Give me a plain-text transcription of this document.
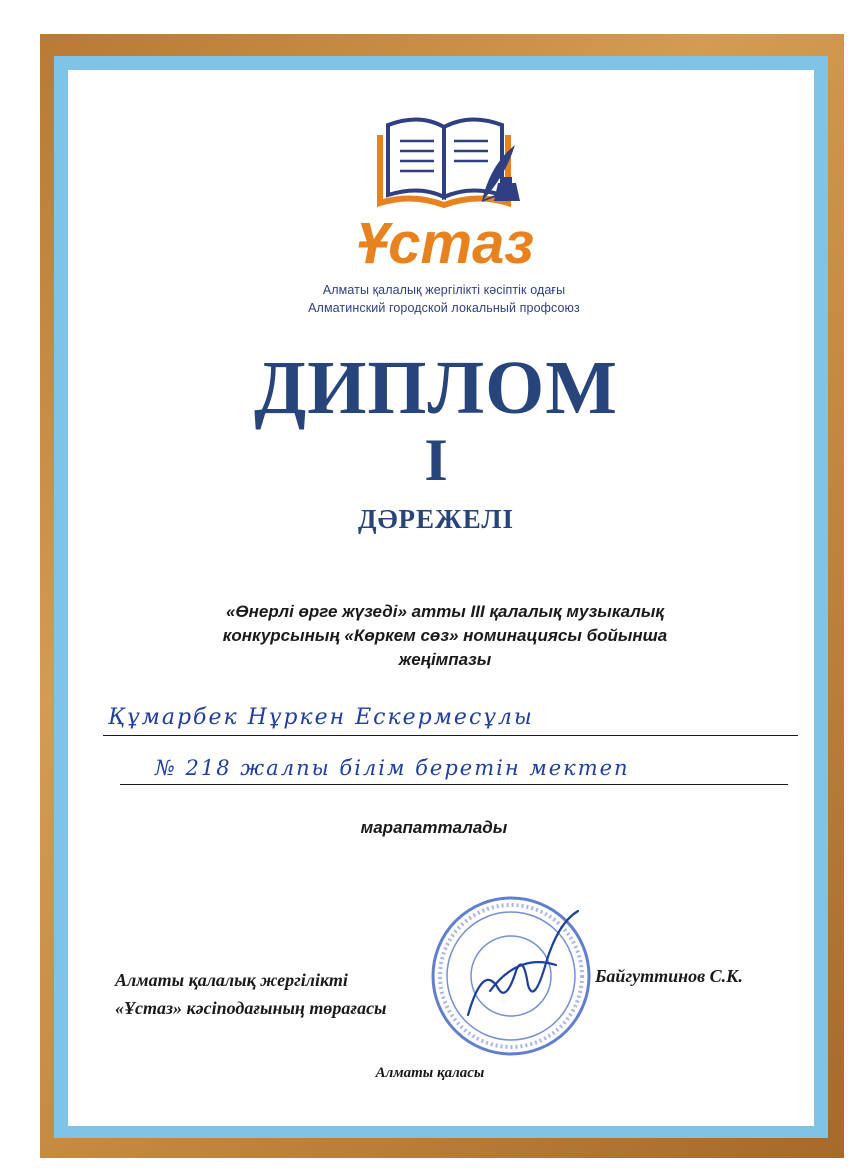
Ұстаз
Алматы қалалық жергілікті кәсіптік одағы
Алматинский городской локальный профсоюз
ДИПЛОМ
I
ДӘРЕЖЕЛІ
«Өнерлі өрге жүзеді» атты III қалалық музыкалық
конкурсының «Көркем сөз» номинациясы бойынша
жеңімпазы
Құмарбек Нұркен Ескермесұлы
№ 218 жалпы білім беретін мектеп
марапатталады
Алматы қалалық жергілікті
«Ұстаз» кәсіподағының төрағасы
Байгуттинов С.К.
Алматы қаласы
